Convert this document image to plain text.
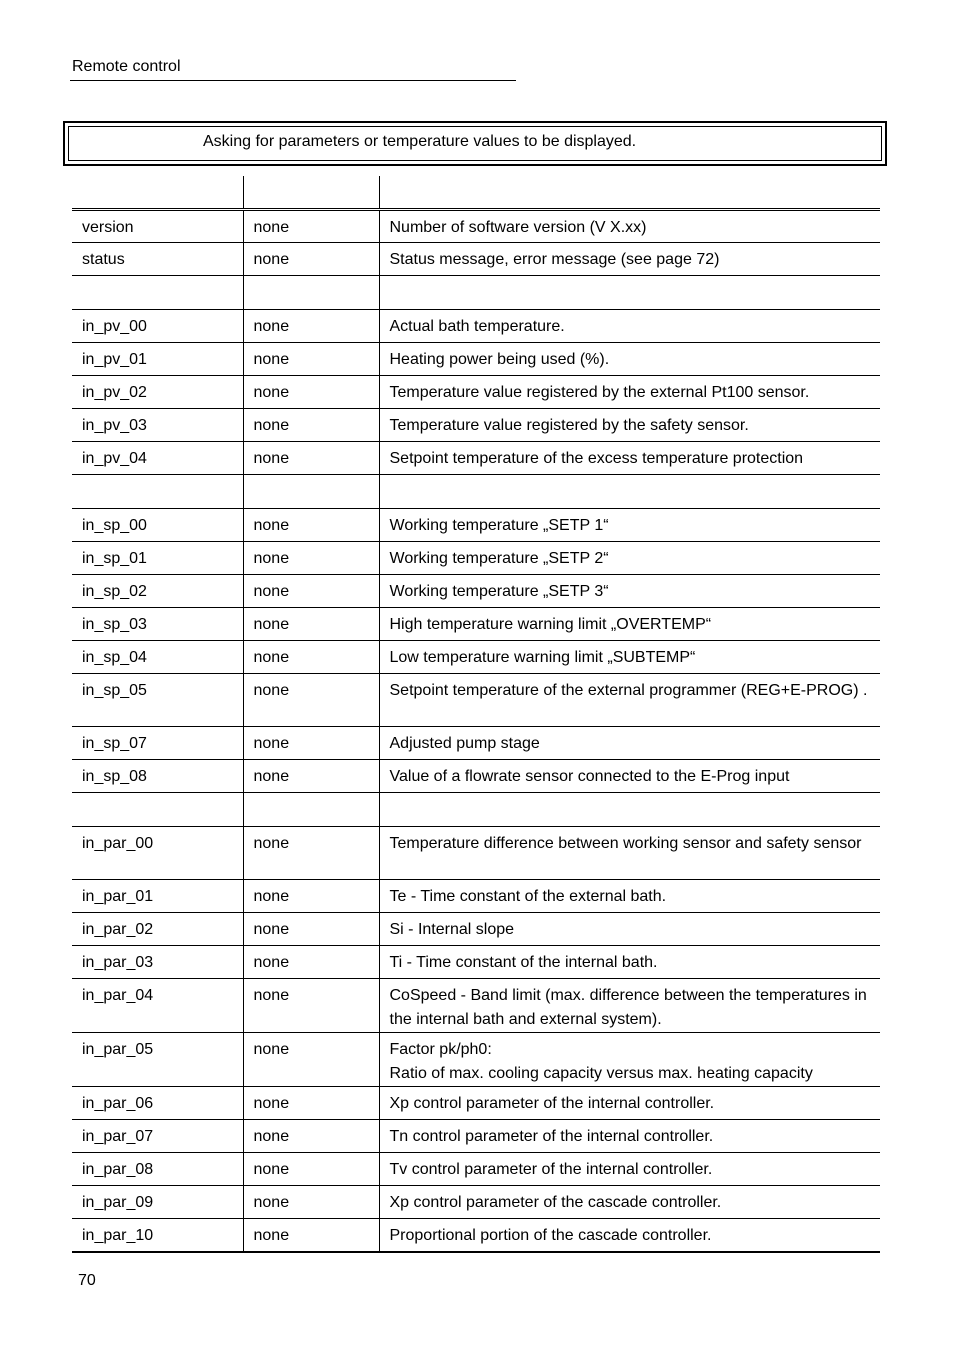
Remote control
Asking for parameters or temperature values to be displayed.

version	none	Number of software version (V X.xx)
status	none	Status message, error message (see page 72)

in_pv_00	none	Actual bath temperature.
in_pv_01	none	Heating power being used (%).
in_pv_02	none	Temperature value registered by the external Pt100 sensor.
in_pv_03	none	Temperature value registered by the safety sensor.
in_pv_04	none	Setpoint temperature of the excess temperature protection

in_sp_00	none	Working temperature „SETP 1“
in_sp_01	none	Working temperature „SETP 2“
in_sp_02	none	Working temperature „SETP 3“
in_sp_03	none	High temperature warning limit „OVERTEMP“
in_sp_04	none	Low temperature warning limit „SUBTEMP“
in_sp_05	none	Setpoint temperature of the external programmer (REG+E-PROG) .
in_sp_07	none	Adjusted pump stage
in_sp_08	none	Value of a flowrate sensor connected to the E-Prog input

in_par_00	none	Temperature difference between working sensor and safety sensor
in_par_01	none	Te - Time constant of the external bath.
in_par_02	none	Si - Internal slope
in_par_03	none	Ti - Time constant of the internal bath.
in_par_04	none	CoSpeed - Band limit (max. difference between the temperatures in the internal bath and external system).
in_par_05	none	Factor pk/ph0:
Ratio of max. cooling capacity versus max. heating capacity
in_par_06	none	Xp control parameter of the internal controller.
in_par_07	none	Tn control parameter of the internal controller.
in_par_08	none	Tv control parameter of the internal controller.
in_par_09	none	Xp control parameter of the cascade controller.
in_par_10	none	Proportional portion of the cascade controller.
70
